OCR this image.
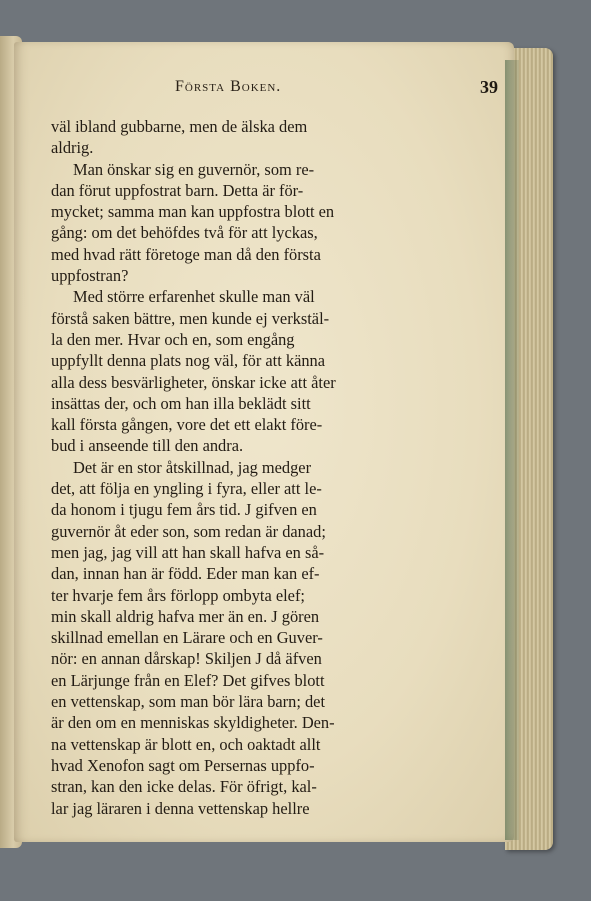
Första Boken.	39
väl ibland gubbarne, men de älska dem
aldrig.
Man önskar sig en guvernör, som re-
dan förut uppfostrat barn. Detta är för-
mycket; samma man kan uppfostra blott en
gång: om det behöfdes två för att lyckas,
med hvad rätt företoge man då den första
uppfostran?
Med större erfarenhet skulle man väl
förstå saken bättre, men kunde ej verkstäl-
la den mer. Hvar och en, som engång
uppfyllt denna plats nog väl, för att känna
alla dess besvärligheter, önskar icke att åter
insättas der, och om han illa beklädt sitt
kall första gången, vore det ett elakt före-
bud i anseende till den andra.
Det är en stor åtskillnad, jag medger
det, att följa en yngling i fyra, eller att le-
da honom i tjugu fem års tid. J gifven en
guvernör åt eder son, som redan är danad;
men jag, jag vill att han skall hafva en så-
dan, innan han är född. Eder man kan ef-
ter hvarje fem års förlopp ombyta elef;
min skall aldrig hafva mer än en. J gören
skillnad emellan en Lärare och en Guver-
nör: en annan dårskap! Skiljen J då äfven
en Lärjunge från en Elef? Det gifves blott
en vettenskap, som man bör lära barn; det
är den om en menniskas skyldigheter. Den-
na vettenskap är blott en, och oaktadt allt
hvad Xenofon sagt om Persernas uppfo-
stran, kan den icke delas. För öfrigt, kal-
lar jag läraren i denna vettenskap hellre
